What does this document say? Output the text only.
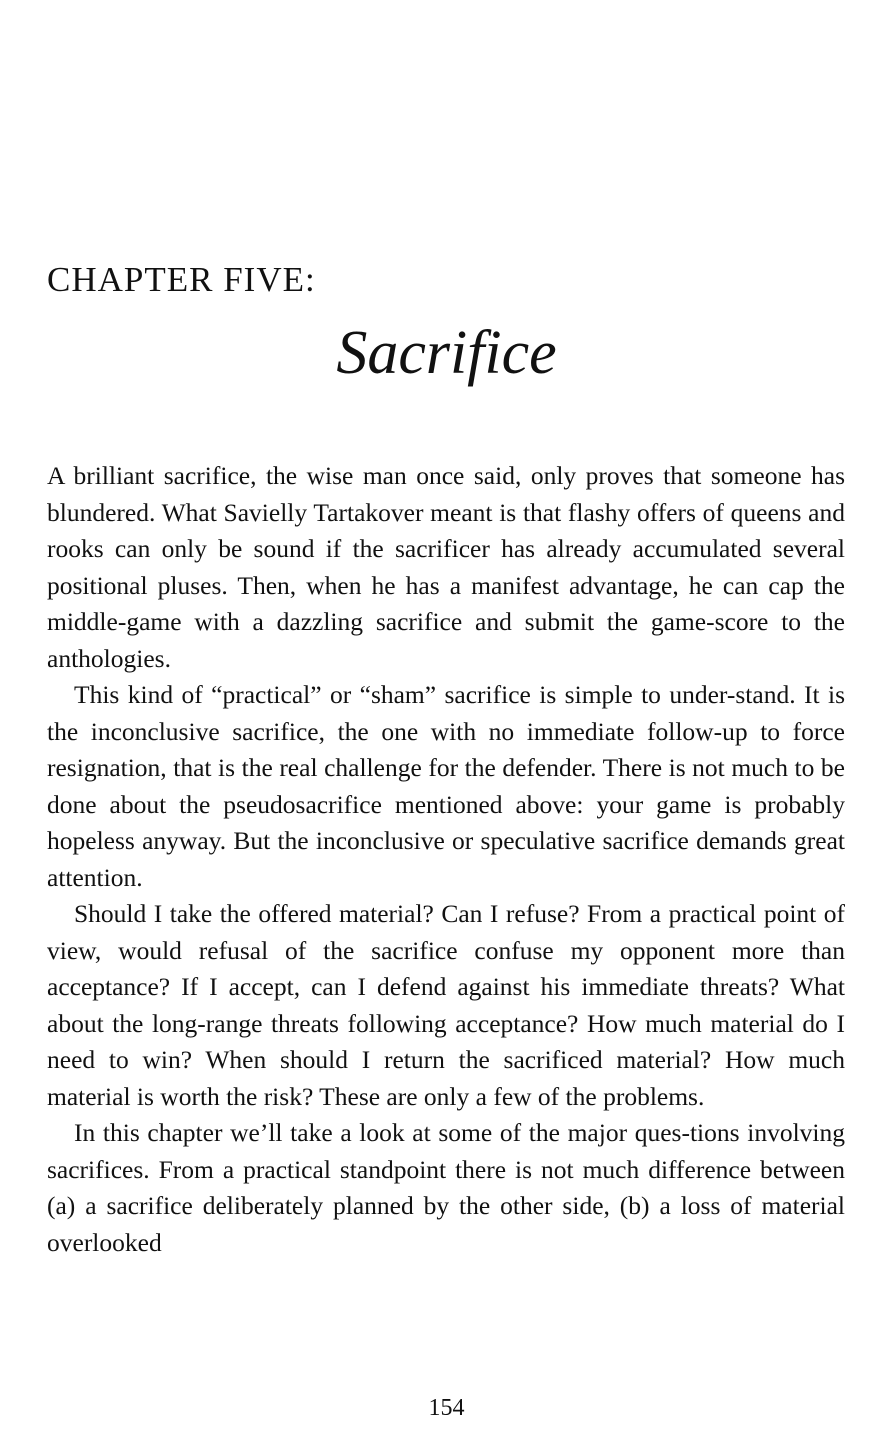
CHAPTER FIVE:
Sacrifice

A brilliant sacrifice, the wise man once said, only proves that someone has blundered. What Savielly Tartakover meant is that flashy offers of queens and rooks can only be sound if the sacrificer has already accumulated several positional pluses. Then, when he has a manifest advantage, he can cap the middle-game with a dazzling sacrifice and submit the game-score to the anthologies.

This kind of “practical” or “sham” sacrifice is simple to under-stand. It is the inconclusive sacrifice, the one with no immediate follow-up to force resignation, that is the real challenge for the defender. There is not much to be done about the pseudosacrifice mentioned above: your game is probably hopeless anyway. But the inconclusive or speculative sacrifice demands great attention.

Should I take the offered material? Can I refuse? From a practical point of view, would refusal of the sacrifice confuse my opponent more than acceptance? If I accept, can I defend against his immediate threats? What about the long-range threats following acceptance? How much material do I need to win? When should I return the sacrificed material? How much material is worth the risk? These are only a few of the problems.

In this chapter we’ll take a look at some of the major ques-tions involving sacrifices. From a practical standpoint there is not much difference between (a) a sacrifice deliberately planned by the other side, (b) a loss of material overlooked

154
